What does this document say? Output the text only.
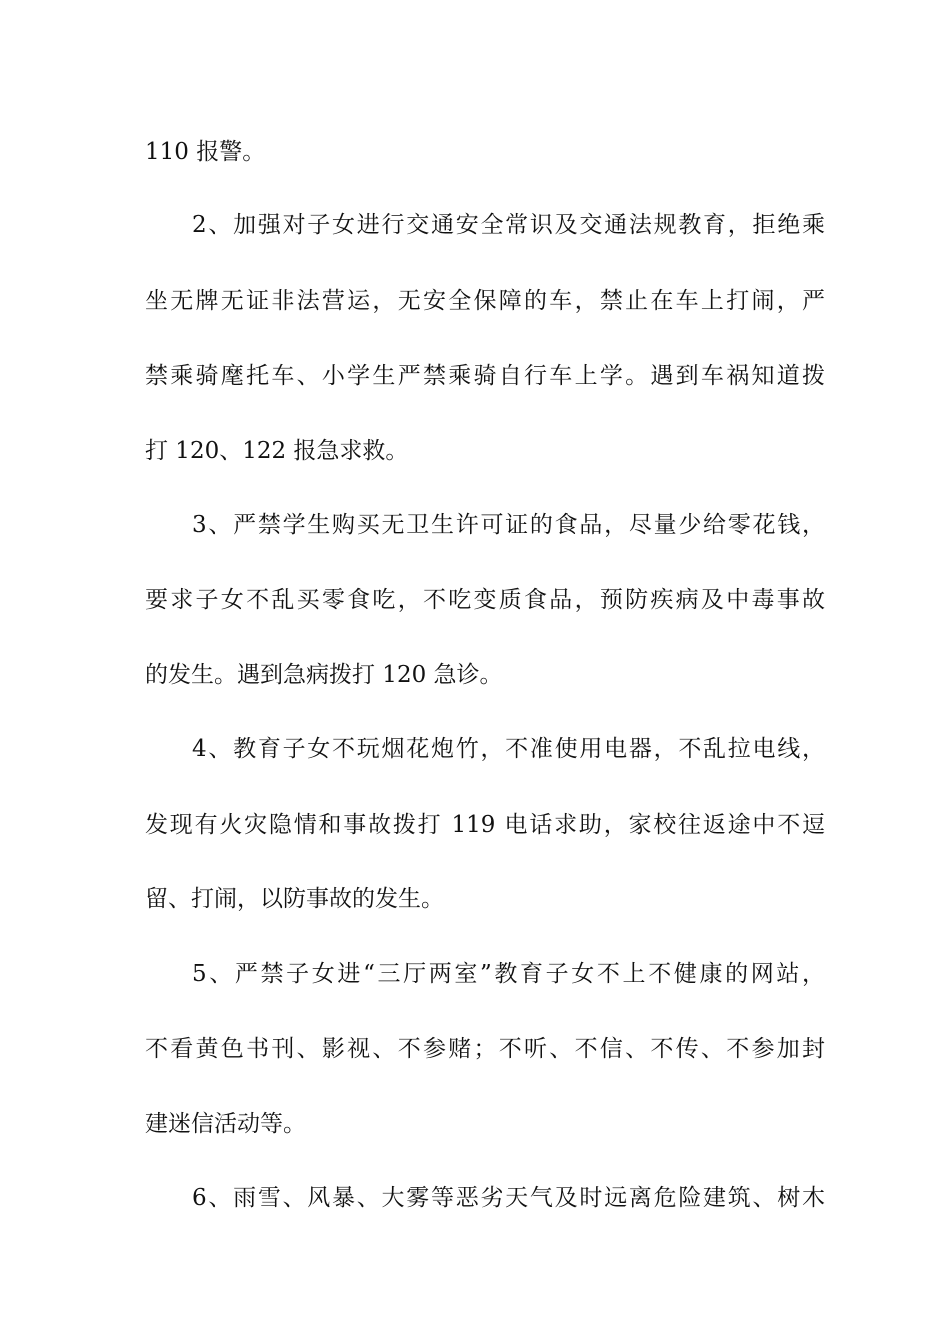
110 报警。
2、加强对子女进行交通安全常识及交通法规教育，拒绝乘
坐无牌无证非法营运，无安全保障的车，禁止在车上打闹，严
禁乘骑麾托车、小学生严禁乘骑自行车上学。遇到车祸知道拨
打 120、122 报急求救。
3、严禁学生购买无卫生许可证的食品，尽量少给零花钱，
要求子女不乱买零食吃，不吃变质食品，预防疾病及中毒事故
的发生。遇到急病拨打 120 急诊。
4、教育子女不玩烟花炮竹，不准使用电器，不乱拉电线，
发现有火灾隐情和事故拨打 119 电话求助，家校往返途中不逗
留、打闹，以防事故的发生。
5、严禁子女进“三厅两室”教育子女不上不健康的网站，
不看黄色书刊、影视、不参赌；不听、不信、不传、不参加封
建迷信活动等。
6、雨雪、风暴、大雾等恶劣天气及时远离危险建筑、树木
